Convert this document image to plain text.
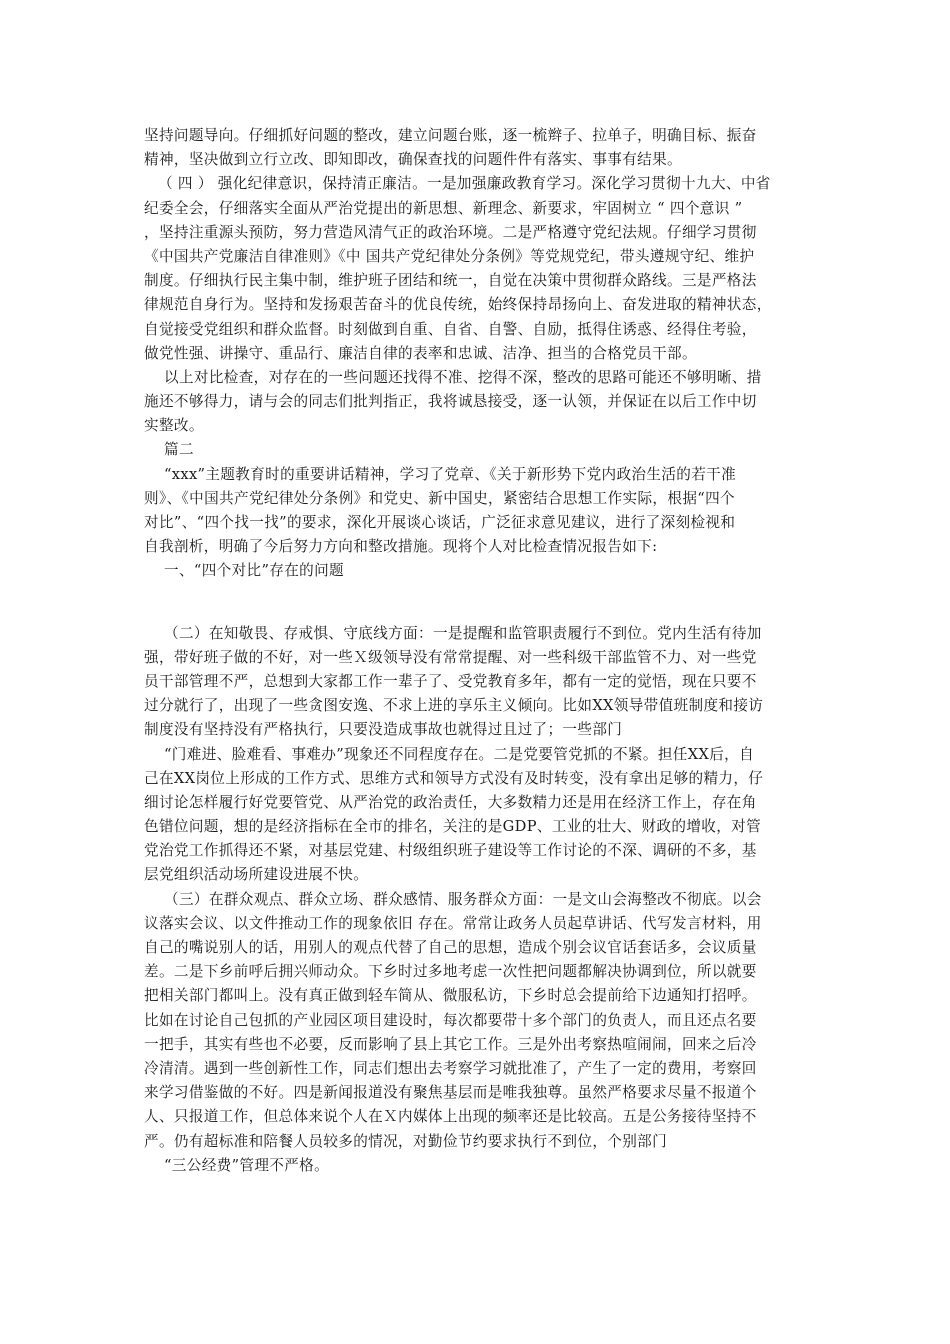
坚持问题导向。仔细抓好问题的整改，建立问题台账，逐一梳辫子、拉单子，明确目标、振奋
精神，坚决做到立行立改、即知即改，确保查找的问题件件有落实、事事有结果。
（ 四 ） 强化纪律意识，保持清正廉洁。一是加强廉政教育学习。深化学习贯彻十九大、中省
纪委全会，仔细落实全面从严治党提出的新思想、新理念、新要求，牢固树立 “ 四个意识 ”
，坚持注重源头预防，努力营造风清气正的政治环境。二是严格遵守党纪法规。仔细学习贯彻
《中国共产党廉洁自律准则》《中 国共产党纪律处分条例》等党规党纪，带头遵规守纪、维护
制度。仔细执行民主集中制，维护班子团结和统一，自觉在决策中贯彻群众路线。三是严格法
律规范自身行为。坚持和发扬艰苦奋斗的优良传统，始终保持昂扬向上、奋发进取的精神状态，
自觉接受党组织和群众监督。时刻做到自重、自省、自警、自励，抵得住诱惑、经得住考验，
做党性强、讲操守、重品行、廉洁自律的表率和忠诚、洁净、担当的合格党员干部。
以上对比检查，对存在的一些问题还找得不准、挖得不深，整改的思路可能还不够明晰、措
施还不够得力，请与会的同志们批判指正，我将诚恳接受，逐一认领，并保证在以后工作中切
实整改。
篇二
“xxx”主题教育时的重要讲话精神，学习了党章、《关于新形势下党内政治生活的若干准
则》、《中国共产党纪律处分条例》和党史、新中国史，紧密结合思想工作实际，根据“四个
对比”、“四个找一找”的要求，深化开展谈心谈话，广泛征求意见建议，进行了深刻检视和
自我剖析，明确了今后努力方向和整改措施。现将个人对比检查情况报告如下:
一、“四个对比”存在的问题
（二）在知敬畏、存戒惧、守底线方面：一是提醒和监管职责履行不到位。党内生活有待加
强，带好班子做的不好，对一些Ｘ级领导没有常常提醒、对一些科级干部监管不力、对一些党
员干部管理不严，总想到大家都工作一辈子了、受党教育多年，都有一定的觉悟，现在只要不
过分就行了，出现了一些贪图安逸、不求上进的享乐主义倾向。比如XX领导带值班制度和接访
制度没有坚持没有严格执行，只要没造成事故也就得过且过了；一些部门
“门难进、脸难看、事难办”现象还不同程度存在。二是党要管党抓的不紧。担任XX后，自
己在XX岗位上形成的工作方式、思维方式和领导方式没有及时转变，没有拿出足够的精力，仔
细讨论怎样履行好党要管党、从严治党的政治责任，大多数精力还是用在经济工作上，存在角
色错位问题，想的是经济指标在全市的排名，关注的是GDP、工业的壮大、财政的增收，对管
党治党工作抓得还不紧，对基层党建、村级组织班子建设等工作讨论的不深、调研的不多，基
层党组织活动场所建设进展不快。
（三）在群众观点、群众立场、群众感情、服务群众方面：一是文山会海整改不彻底。以会
议落实会议、以文件推动工作的现象依旧 存在。常常让政务人员起草讲话、代写发言材料，用
自己的嘴说别人的话，用别人的观点代替了自己的思想，造成个别会议官话套话多，会议质量
差。二是下乡前呼后拥兴师动众。下乡时过多地考虑一次性把问题都解决协调到位，所以就要
把相关部门都叫上。没有真正做到轻车简从、微服私访，下乡时总会提前给下边通知打招呼。
比如在讨论自己包抓的产业园区项目建设时，每次都要带十多个部门的负责人，而且还点名要
一把手，其实有些也不必要，反而影响了县上其它工作。三是外出考察热喧闹闹，回来之后冷
冷清清。遇到一些创新性工作，同志们想出去考察学习就批准了，产生了一定的费用，考察回
来学习借鉴做的不好。四是新闻报道没有聚焦基层而是唯我独尊。虽然严格要求尽量不报道个
人、只报道工作，但总体来说个人在Ｘ内媒体上出现的频率还是比较高。五是公务接待坚持不
严。仍有超标准和陪餐人员较多的情况，对勤俭节约要求执行不到位，个别部门
“三公经费”管理不严格。
